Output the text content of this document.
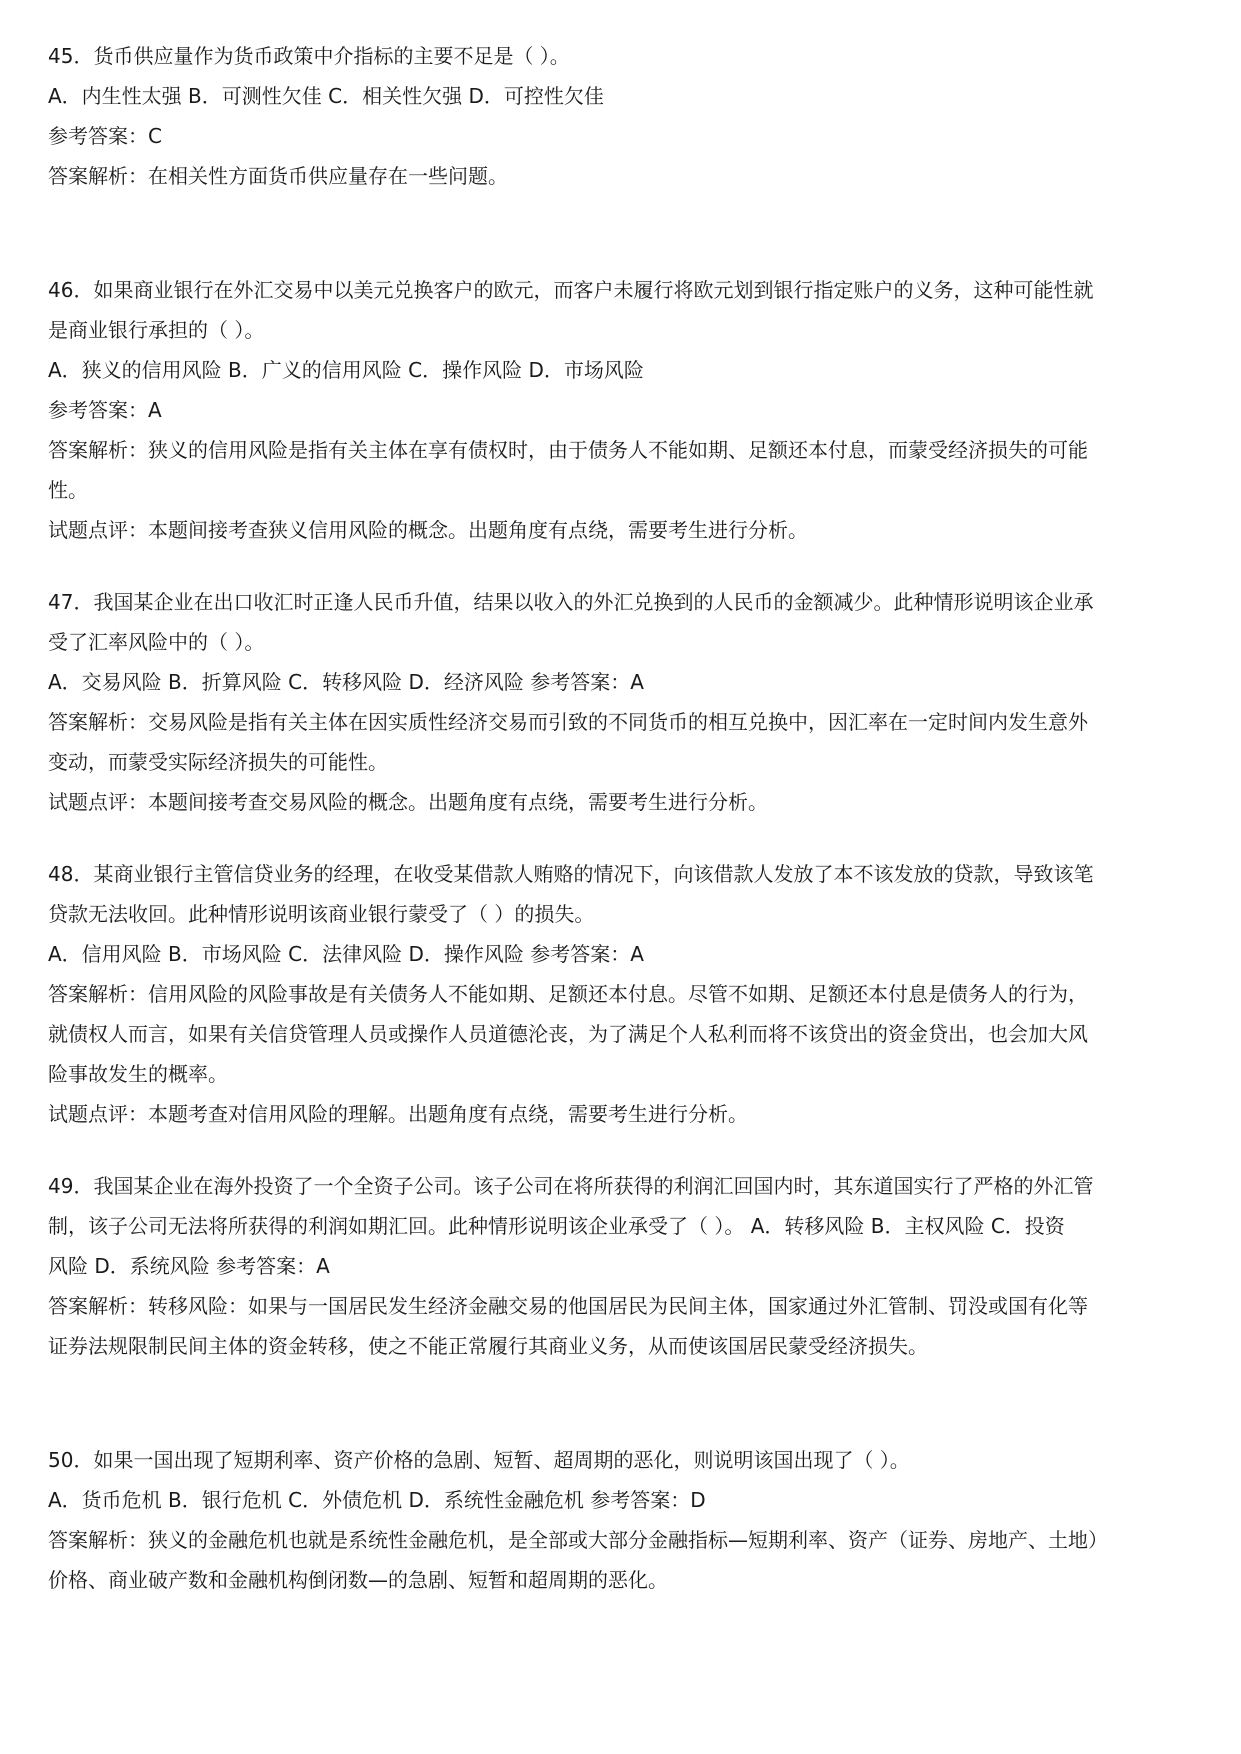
45．货币供应量作为货币政策中介指标的主要不足是（ ）。
A．内生性太强 B．可测性欠佳 C．相关性欠强 D．可控性欠佳
参考答案：C
答案解析：在相关性方面货币供应量存在一些问题。
46．如果商业银行在外汇交易中以美元兑换客户的欧元，而客户未履行将欧元划到银行指定账户的义务，这种可能性就
是商业银行承担的（ ）。
A．狭义的信用风险 B．广义的信用风险 C．操作风险 D．市场风险
参考答案：A
答案解析：狭义的信用风险是指有关主体在享有债权时，由于债务人不能如期、足额还本付息，而蒙受经济损失的可能
性。
试题点评：本题间接考查狭义信用风险的概念。出题角度有点绕，需要考生进行分析。
47．我国某企业在出口收汇时正逢人民币升值，结果以收入的外汇兑换到的人民币的金额减少。此种情形说明该企业承
受了汇率风险中的（ ）。
A．交易风险 B．折算风险 C．转移风险 D．经济风险 参考答案：A
答案解析：交易风险是指有关主体在因实质性经济交易而引致的不同货币的相互兑换中，因汇率在一定时间内发生意外
变动，而蒙受实际经济损失的可能性。
试题点评：本题间接考查交易风险的概念。出题角度有点绕，需要考生进行分析。
48．某商业银行主管信贷业务的经理，在收受某借款人贿赂的情况下，向该借款人发放了本不该发放的贷款，导致该笔
贷款无法收回。此种情形说明该商业银行蒙受了（ ）的损失。
A．信用风险 B．市场风险 C．法律风险 D．操作风险 参考答案：A
答案解析：信用风险的风险事故是有关债务人不能如期、足额还本付息。尽管不如期、足额还本付息是债务人的行为，
就债权人而言，如果有关信贷管理人员或操作人员道德沦丧，为了满足个人私利而将不该贷出的资金贷出，也会加大风
险事故发生的概率。
试题点评：本题考查对信用风险的理解。出题角度有点绕，需要考生进行分析。
49．我国某企业在海外投资了一个全资子公司。该子公司在将所获得的利润汇回国内时，其东道国实行了严格的外汇管
制，该子公司无法将所获得的利润如期汇回。此种情形说明该企业承受了（ ）。 A．转移风险 B．主权风险 C．投资
风险 D．系统风险 参考答案：A
答案解析：转移风险：如果与一国居民发生经济金融交易的他国居民为民间主体，国家通过外汇管制、罚没或国有化等
证券法规限制民间主体的资金转移，使之不能正常履行其商业义务，从而使该国居民蒙受经济损失。
50．如果一国出现了短期利率、资产价格的急剧、短暂、超周期的恶化，则说明该国出现了（ ）。
A．货币危机 B．银行危机 C．外债危机 D．系统性金融危机 参考答案：D
答案解析：狭义的金融危机也就是系统性金融危机，是全部或大部分金融指标—短期利率、资产（证券、房地产、土地）
价格、商业破产数和金融机构倒闭数—的急剧、短暂和超周期的恶化。
